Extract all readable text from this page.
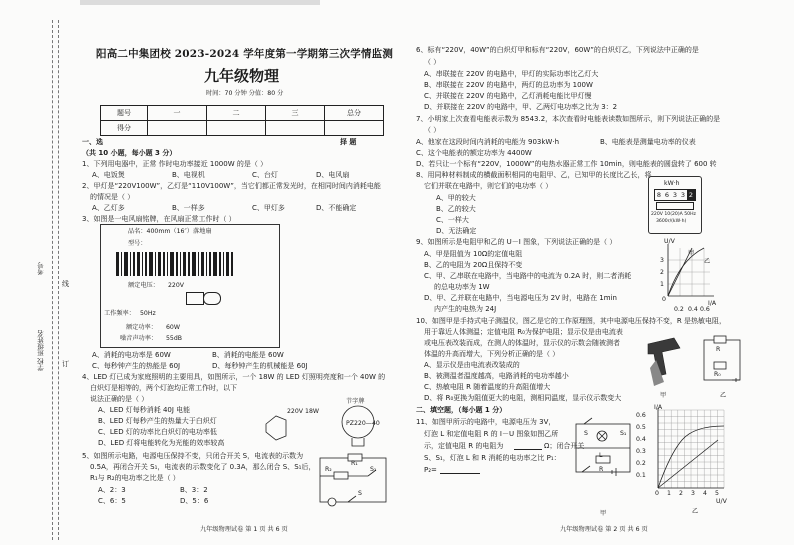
学校 班级姓名
考号
线
订
阳高二中集团校 2023-2024 学年度第一学期第三次学情监测
九年级物理
时间：70 分钟 分值：80 分
题号	一	二	三	总分
得分				
一、选	择 题
（共 10 小题，每小题 3 分）
1、下列用电器中，正常 作时电功率接近 1000W 的是（ ）
A、电饭煲	B、电视机	C、台灯	D、电风扇
2、甲灯是“220V100W”，乙灯是“110V100W”，当它们都正常发光时，在相同时间内消耗电能
的情况是（ ）
A、乙灯多	B、一样多	C、甲灯多	D、不能确定
3、如图是一电风扇铭牌，在风扇正常工作时（ ）
品名：400mm（16″）落地扇
型号：
额定电压： 220V
工作频率： 50Hz
额定功率： 60W
噪音声功率： 55dB
A、消耗的电功率是 60W	B、消耗的电能是 60W
C、每秒钟产生的热能是 60J	D、每秒钟产生的机械能是 60J
4、LED 灯已成为家庭照明的主要用具，如图所示，一个 18W 的 LED 灯照明亮度和一个 40W 的
白炽灯是相等的，两个灯泡均正常工作时，以下
说法正确的是（ ）
A、LED 灯每秒消耗 40J 电能
B、LED 灯每秒产生的热量大于白炽灯
C、LED 灯的功率比白炽灯的电功率低
D、LED 灯将电能转化为光能的效率较高
220V 18W
节字牌
PZ220—40
5、如图所示电路，电源电压保持不变，只闭合开关 S，电流表的示数为
0.5A，再闭合开关 S₁，电流表的示数变化了 0.3A，那么闭合 S、S₁后，
R₁与 R₂的电功率之比是（ ）
A、2：3	B、3：2
C、6：5	D、5：6
R₂
R₁
S₁
S
九年级物理试卷 第 1 页 共 6 页
6、标有“220V，40W”的白炽灯甲和标有“220V，60W”的白炽灯乙，下列说法中正确的是
（ ）
A、串联接在 220V 的电路中，甲灯的实际功率比乙灯大
B、串联接在 220V 的电路中，两灯的总功率为 100W
C、并联接在 220V 的电路中，乙灯消耗电能比甲灯慢
D、并联接在 220V 的电路中，甲、乙两灯电功率之比为 3：2
7、小明家上次查看电能表示数为 8543.2，本次查看时电能表读数如图所示，则下列说法正确的是
（ ）
A、他家在这段时间内消耗的电能为 903kW·h	B、电能表是测量电功率的仪表
C、这个电能表的额定功率为 4400W
D、若只让一个标有“220V，1000W”的电热水器正常工作 10min，则电能表的圆盘转了 600 转
8、用同种材料制成的横截面积相同的电阻甲、乙，已知甲的长度比乙长，将
它们并联在电路中，则它们的电功率（ ）
A、甲的较大
B、乙的较大
C、一样大
D、无法确定
kW·h
8 6 3 3 2
220V 10(20)A 50Hz
3600r/(kW·h)
9、如图所示是电阻甲和乙的 U－I 图象，下列说法正确的是（ ）
A、甲是阻值为 10Ω的定值电阻
B、乙的电阻为 20Ω且保持不变
C、甲、乙串联在电路中，当电路中的电流为 0.2A 时，则二者消耗
的总电功率为 1W
D、甲、乙并联在电路中，当电源电压为 2V 时，电路在 1min
内产生的电热为 24J
U/V
I/A
0
0.2 0.4 0.6
1
2
3
甲
乙
10、如图甲是手持式电子测温仪，图乙是它的工作原理图，其中电源电压保持不变，R 是热敏电阻，
用于靠近人体测温；定值电阻 R₀为保护电阻；显示仪是由电流表
或电压表改装而成，在测人的体温时，显示仪的示数会随被测者
体温的升高而增大，下列分析正确的是（ ）
A、显示仪是由电流表改装成的
B、被测温者温度越高，电路消耗的电功率越小
C、热敏电阻 R 随着温度的升高阻值增大
D、将 R₀更换为阻值更大的电阻，测相同温度，显示仪示数变大	甲
R
R₀
乙
二、填空题，（每小题 1 分）
11、如图甲所示的电路中，电源电压为 3V，
灯泡 L 和定值电阻 R 的 I－U 图象如图乙所
示，定值电阻 R 的电阻为	Ω；闭合开关
S、S₁，灯泡 L 和 R 消耗的电功率之比 P₁：
P₂=
S	S₁
L
R
甲
I/A
U/V
0.6
0.5
0.4
0.3
0.2
0.1
0 1 2 3 4 5
乙
九年级物理试卷 第 2 页 共 6 页
